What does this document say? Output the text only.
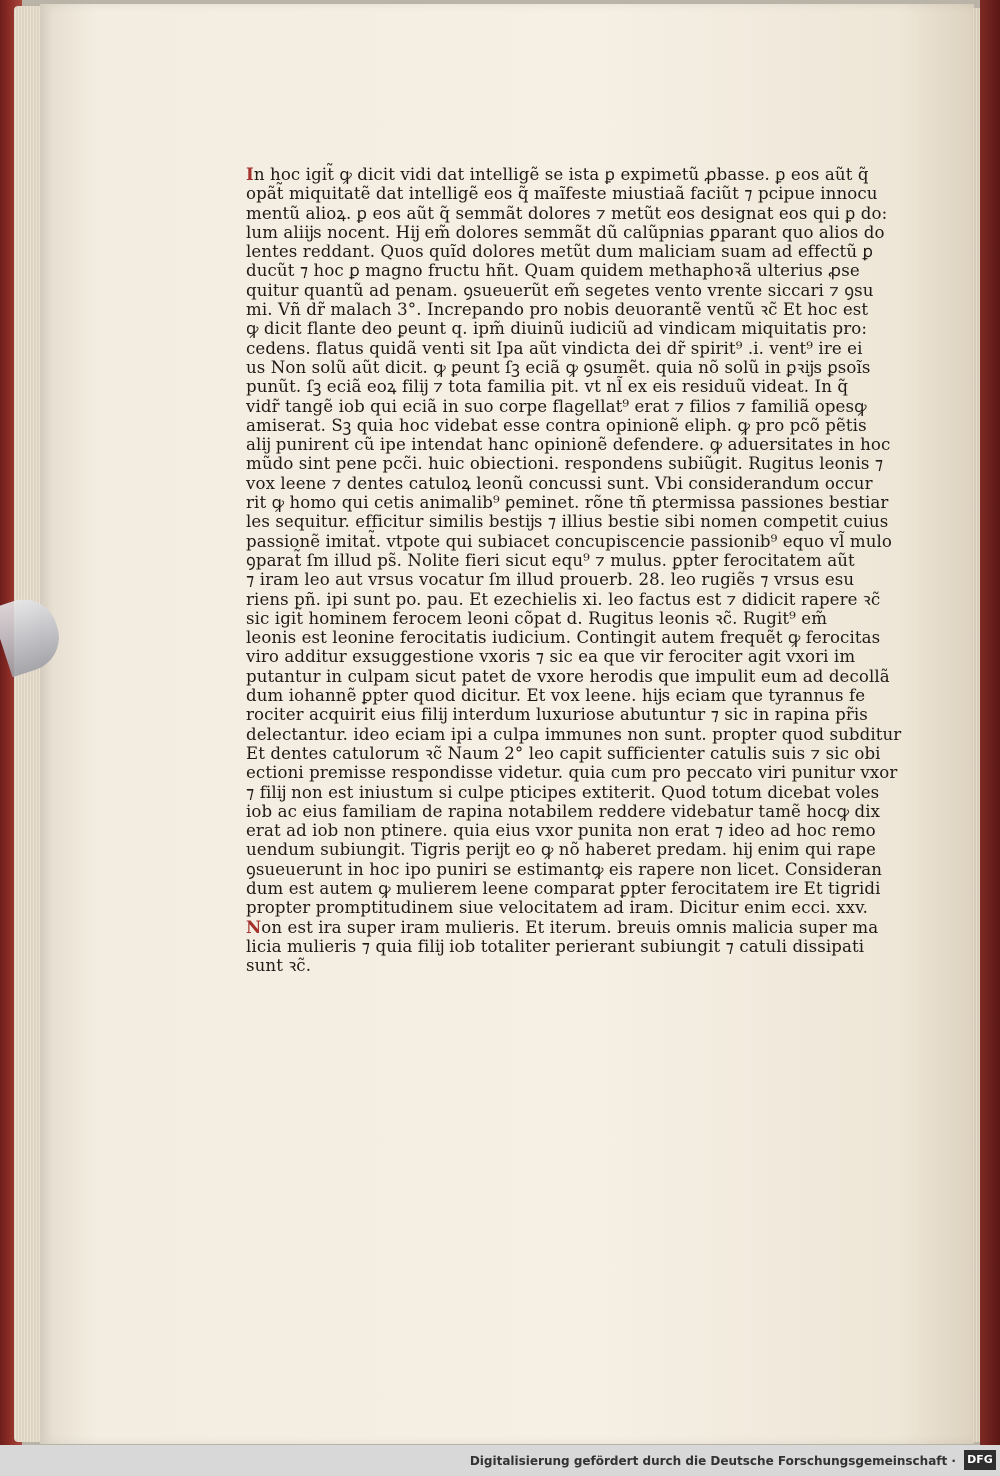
In hoc igit̃ ꝙ dicit vidi dat intelligẽ se ista ꝑ expimetũ ꝓbasse. ꝑ eos aũt q̃
opãt̃ miquitatẽ dat intelligẽ eos q̃ maĩfeste miustiaã faciũt ⁊ pcipue innocu
mentũ alioꝝ. ꝑ eos aũt q̃ semmãt dolores ⁊ metũt eos designat eos qui ꝑ do:
lum aliĳs nocent. Hĳ em̃ dolores semmãt dũ calũpnias ꝑparant quo alios do
lentes reddant. Quos quĩd dolores metũt dum maliciam suam ad effectũ ꝑ
ducũt ⁊ hoc ꝑ magno fructu hñt. Quam quidem methaphoꝛã ulterius ꝓse
quitur quantũ ad penam. ꝯsueuerũt em̃ segetes vento vrente siccari ⁊ ꝯsu
mi. Vñ dr̃ malach 3°. Increpando pro nobis deuorantẽ ventũ ꝛc̃ Et hoc est
ꝙ dicit flante deo ꝑeunt q. ipm̃ diuinũ iudiciũ ad vindicam miquitatis pro:
cedens. flatus quidã venti sit Ipa aũt vindicta dei dr̃ spirit⁹ .i. vent⁹ ire ei
us Non solũ aũt dicit. ꝙ ꝑeunt ſꝫ eciã ꝙ ꝯsumẽt. quia nõ solũ in ꝑꝛĳs ꝑsoĩs
punũt. ſꝫ eciã eoꝝ filĳ ⁊ tota familia pit. vt nl̃ ex eis residuũ videat. In q̃
vidr̃ tangẽ iob qui eciã in suo corpe flagellat⁹ erat ⁊ filios ⁊ familiã opesꝙ
amiserat. Sꝫ quia hoc videbat esse contra opinionẽ eliph. ꝙ pro pcõ pẽtis
alĳ punirent cũ ipe intendat hanc opinionẽ defendere. ꝙ aduersitates in hoc
mũdo sint pene pcc̃i. huic obiectioni. respondens subiũgit. Rugitus leonis ⁊
vox leene ⁊ dentes catuloꝝ leonũ concussi sunt. Vbi considerandum occur
rit ꝙ homo qui cetis animalib⁹ ꝑeminet. rõne tñ ꝑtermissa passiones bestiar
les sequitur. efficitur similis bestĳs ⁊ illius bestie sibi nomen competit cuius
passionẽ imitat̃. vtpote qui subiacet concupiscencie passionib⁹ equo vl̃ mulo
ꝯparat̃ ſm illud ps̃. Nolite fieri sicut equ⁹ ⁊ mulus. ꝑpter ferocitatem aũt
⁊ iram leo aut vrsus vocatur ſm illud prouerb. 28. leo rugiẽs ⁊ vrsus esu
riens pñ. ipi sunt po. pau. Et ezechielis xi. leo factus est ⁊ didicit rapere ꝛc̃
sic igit̃ hominem ferocem leoni cõpat d. Rugitus leonis ꝛc̃. Rugit⁹ em̃
leonis est leonine ferocitatis iudicium. Contingit autem frequẽt ꝙ ferocitas
viro additur exsuggestione vxoris ⁊ sic ea que vir ferociter agit vxori im
putantur in culpam sicut patet de vxore herodis que impulit eum ad decollã
dum iohannẽ ꝑpter quod dicitur. Et vox leene. hĳs eciam que tyrannus fe
rociter acquirit eius filĳ interdum luxuriose abutuntur ⁊ sic in rapina pr̃is
delectantur. ideo eciam ipi a culpa immunes non sunt. propter quod subditur
Et dentes catulorum ꝛc̃ Naum 2° leo capit sufficienter catulis suis ⁊ sic obi
ectioni premisse respondisse videtur. quia cum pro peccato viri punitur vxor
⁊ filĳ non est iniustum si culpe pticipes extiterit. Quod totum dicebat voles
iob ac eius familiam de rapina notabilem reddere videbatur tamẽ hocꝙ dix
erat ad iob non ptinere. quia eius vxor punita non erat ⁊ ideo ad hoc remo
uendum subiungit. Tigris perĳt eo ꝙ nõ haberet predam. hĳ enim qui rape
ꝯsueuerunt in hoc ipo puniri se estimantꝙ eis rapere non licet. Consideran
dum est autem ꝙ mulierem leene comparat ꝑpter ferocitatem ire Et tigridi
propter promptitudinem siue velocitatem ad iram. Dicitur enim ecci. xxv.
Non est ira super iram mulieris. Et iterum. breuis omnis malicia super ma
licia mulieris ⁊ quia filĳ iob totaliter perierant subiungit ⁊ catuli dissipati
sunt ꝛc̃.
Digitalisierung gefördert durch die Deutsche Forschungsgemeinschaft · DFG
